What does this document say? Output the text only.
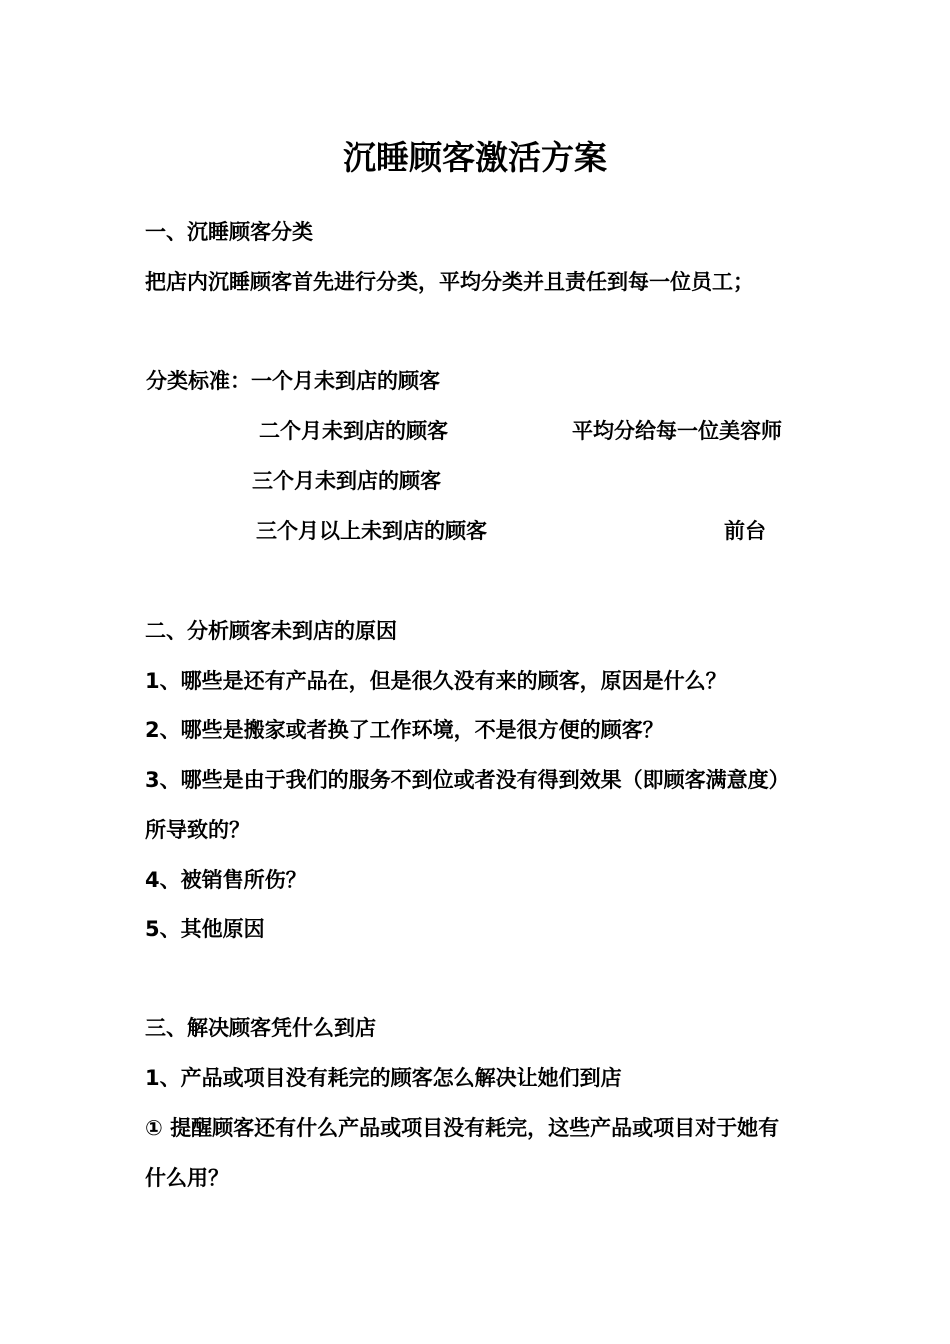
沉睡顾客激活方案
一、沉睡顾客分类
把店内沉睡顾客首先进行分类，平均分类并且责任到每一位员工；
分类标准：一个月未到店的顾客
二个月未到店的顾客	平均分给每一位美容师
三个月未到店的顾客
三个月以上未到店的顾客	前台
二、分析顾客未到店的原因
1、哪些是还有产品在，但是很久没有来的顾客，原因是什么？
2、哪些是搬家或者换了工作环境，不是很方便的顾客？
3、哪些是由于我们的服务不到位或者没有得到效果（即顾客满意度）
所导致的？
4、被销售所伤？
5、其他原因
三、解决顾客凭什么到店
1、产品或项目没有耗完的顾客怎么解决让她们到店
① 提醒顾客还有什么产品或项目没有耗完，这些产品或项目对于她有
什么用？
